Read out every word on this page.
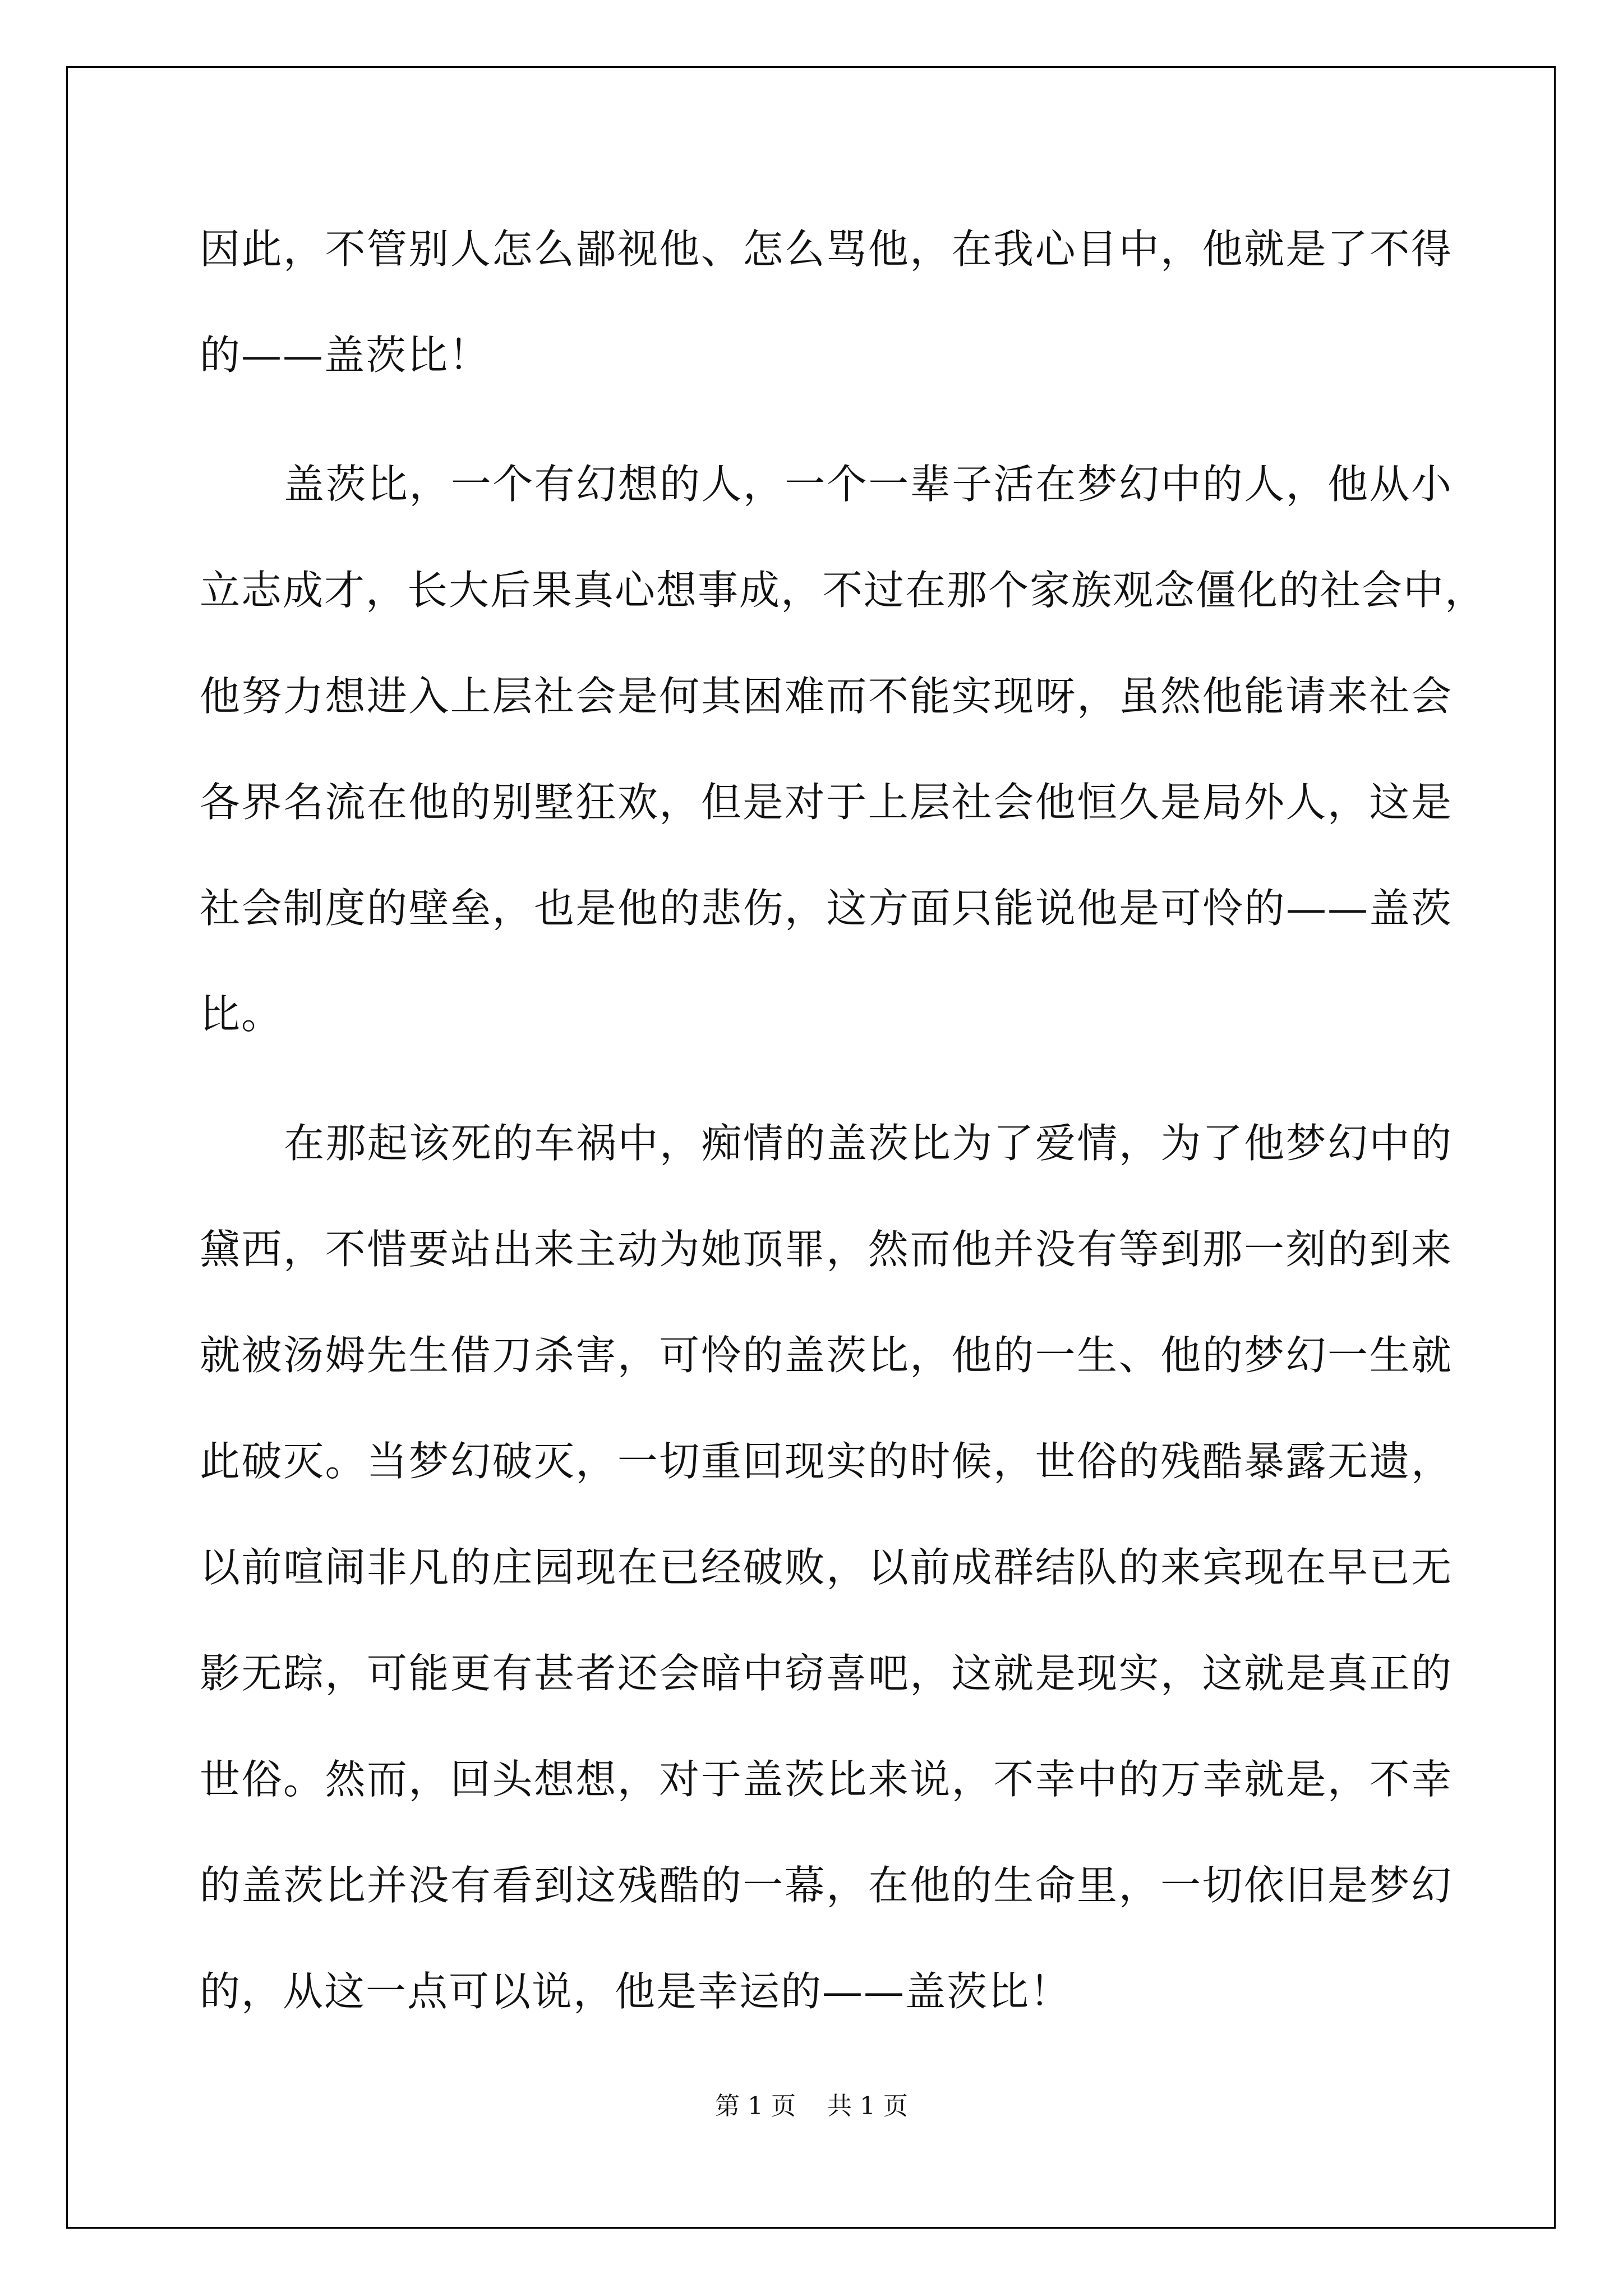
因此，不管别人怎么鄙视他、怎么骂他，在我心目中，他就是了不得
的——盖茨比！
盖茨比，一个有幻想的人，一个一辈子活在梦幻中的人，他从小
立志成才，长大后果真心想事成，不过在那个家族观念僵化的社会中，
他努力想进入上层社会是何其困难而不能实现呀，虽然他能请来社会
各界名流在他的别墅狂欢，但是对于上层社会他恒久是局外人，这是
社会制度的壁垒，也是他的悲伤，这方面只能说他是可怜的——盖茨
比。
在那起该死的车祸中，痴情的盖茨比为了爱情，为了他梦幻中的
黛西，不惜要站出来主动为她顶罪，然而他并没有等到那一刻的到来
就被汤姆先生借刀杀害，可怜的盖茨比，他的一生、他的梦幻一生就
此破灭。当梦幻破灭，一切重回现实的时候，世俗的残酷暴露无遗，
以前喧闹非凡的庄园现在已经破败，以前成群结队的来宾现在早已无
影无踪，可能更有甚者还会暗中窃喜吧，这就是现实，这就是真正的
世俗。然而，回头想想，对于盖茨比来说，不幸中的万幸就是，不幸
的盖茨比并没有看到这残酷的一幕，在他的生命里，一切依旧是梦幻
的，从这一点可以说，他是幸运的——盖茨比！
第 1 页    共 1 页
